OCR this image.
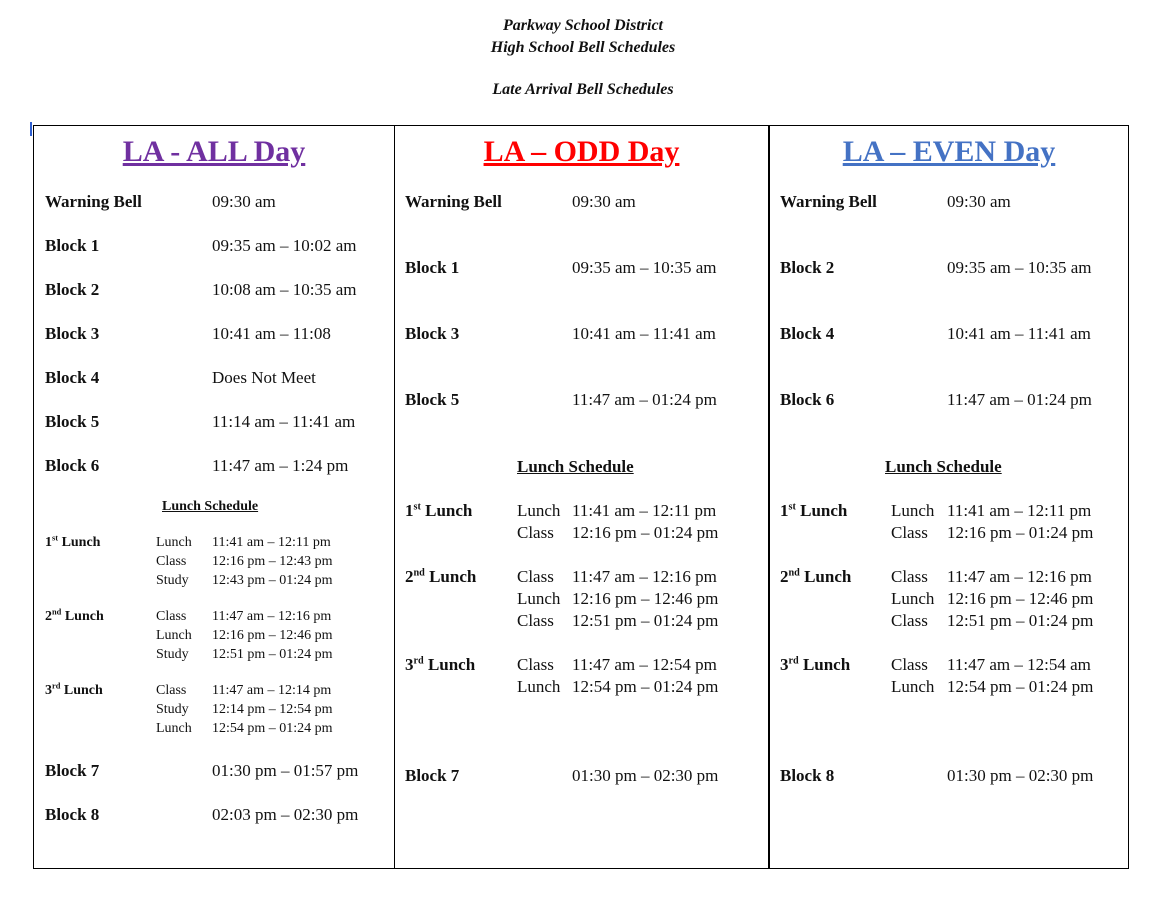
Parkway School District
High School Bell Schedules
Late Arrival Bell Schedules
LA - ALL Day
Warning Bell	09:30 am
Block 1	09:35 am – 10:02 am
Block 2	10:08 am – 10:35 am
Block 3	10:41 am – 11:08
Block 4	Does Not Meet
Block 5	11:14 am – 11:41 am
Block 6	11:47 am – 1:24 pm
Lunch Schedule
1st Lunch	Lunch 11:41 am – 12:11 pm
Class 12:16 pm – 12:43 pm
Study 12:43 pm – 01:24 pm
2nd Lunch	Class 11:47 am – 12:16 pm
Lunch 12:16 pm – 12:46 pm
Study 12:51 pm – 01:24 pm
3rd Lunch	Class 11:47 am – 12:14 pm
Study 12:14 pm – 12:54 pm
Lunch 12:54 pm – 01:24 pm
Block 7	01:30 pm – 01:57 pm
Block 8	02:03 pm – 02:30 pm
LA – ODD Day
Warning Bell	09:30 am
Block 1	09:35 am – 10:35 am
Block 3	10:41 am – 11:41 am
Block 5	11:47 am – 01:24 pm
Lunch Schedule
1st Lunch	Lunch 11:41 am – 12:11 pm
Class 12:16 pm – 01:24 pm
2nd Lunch Class 11:47 am – 12:16 pm
Lunch 12:16 pm – 12:46 pm
Class 12:51 pm – 01:24 pm
3rd Lunch Class 11:47 am – 12:54 pm
Lunch 12:54 pm – 01:24 pm
Block 7	01:30 pm – 02:30 pm
LA – EVEN Day
Warning Bell	09:30 am
Block 2	09:35 am – 10:35 am
Block 4	10:41 am – 11:41 am
Block 6	11:47 am – 01:24 pm
Lunch Schedule
1st Lunch	Lunch 11:41 am – 12:11 pm
Class 12:16 pm – 01:24 pm
2nd Lunch Class 11:47 am – 12:16 pm
Lunch 12:16 pm – 12:46 pm
Class 12:51 pm – 01:24 pm
3rd Lunch Class 11:47 am – 12:54 am
Lunch 12:54 pm – 01:24 pm
Block 8	01:30 pm – 02:30 pm
